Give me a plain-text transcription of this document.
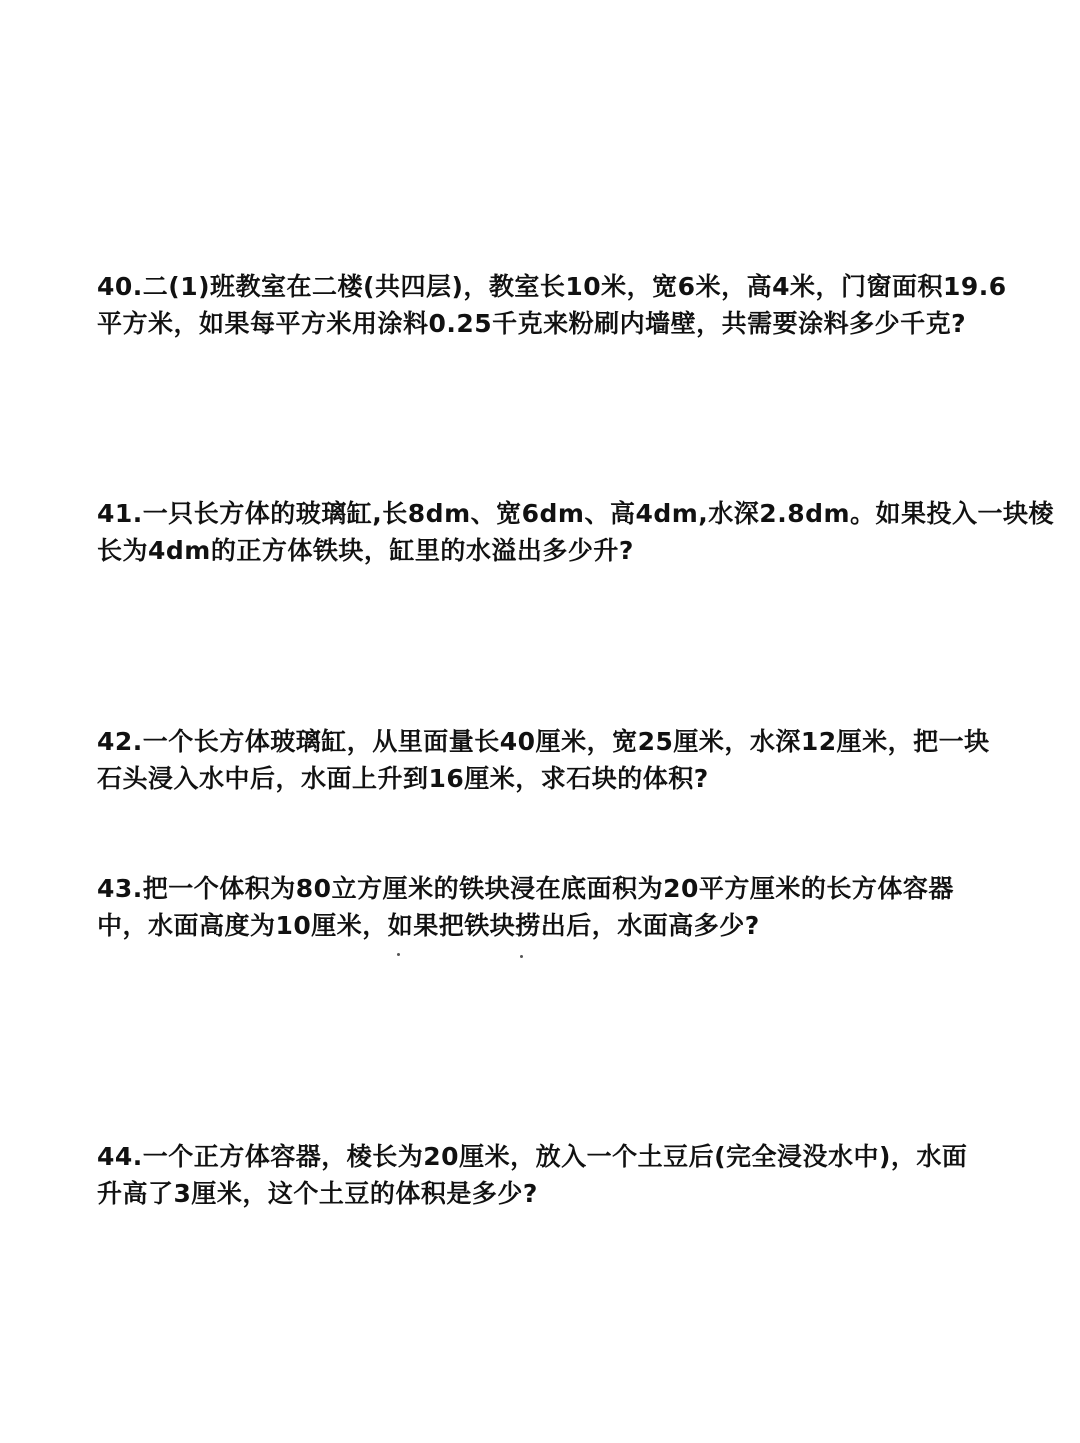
40.二(1)班教室在二楼(共四层)，教室长10米，宽6米，高4米，门窗面积19.6
平方米，如果每平方米用涂料0.25千克来粉刷内墙壁，共需要涂料多少千克?

41.一只长方体的玻璃缸,长8dm、宽6dm、高4dm,水深2.8dm。如果投入一块棱
长为4dm的正方体铁块，缸里的水溢出多少升?

42.一个长方体玻璃缸，从里面量长40厘米，宽25厘米，水深12厘米，把一块
石头浸入水中后，水面上升到16厘米，求石块的体积?

43.把一个体积为80立方厘米的铁块浸在底面积为20平方厘米的长方体容器
中，水面高度为10厘米，如果把铁块捞出后，水面高多少?

44.一个正方体容器，棱长为20厘米，放入一个土豆后(完全浸没水中)，水面
升高了3厘米，这个土豆的体积是多少?
